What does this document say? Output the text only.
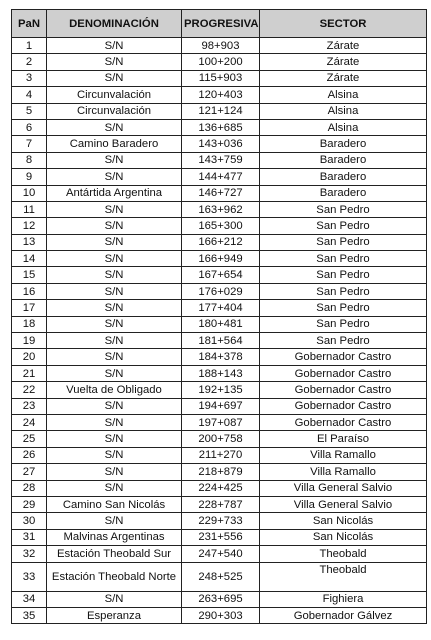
PaN	DENOMINACIÓN	PROGRESIVA	SECTOR
1	S/N	98+903	Zárate
2	S/N	100+200	Zárate
3	S/N	115+903	Zárate
4	Circunvalación	120+403	Alsina
5	Circunvalación	121+124	Alsina
6	S/N	136+685	Alsina
7	Camino Baradero	143+036	Baradero
8	S/N	143+759	Baradero
9	S/N	144+477	Baradero
10	Antártida Argentina	146+727	Baradero
11	S/N	163+962	San Pedro
12	S/N	165+300	San Pedro
13	S/N	166+212	San Pedro
14	S/N	166+949	San Pedro
15	S/N	167+654	San Pedro
16	S/N	176+029	San Pedro
17	S/N	177+404	San Pedro
18	S/N	180+481	San Pedro
19	S/N	181+564	San Pedro
20	S/N	184+378	Gobernador Castro
21	S/N	188+143	Gobernador Castro
22	Vuelta de Obligado	192+135	Gobernador Castro
23	S/N	194+697	Gobernador Castro
24	S/N	197+087	Gobernador Castro
25	S/N	200+758	El Paraíso
26	S/N	211+270	Villa Ramallo
27	S/N	218+879	Villa Ramallo
28	S/N	224+425	Villa General Salvio
29	Camino San Nicolás	228+787	Villa General Salvio
30	S/N	229+733	San Nicolás
31	Malvinas Argentinas	231+556	San Nicolás
32	Estación Theobald Sur	247+540	Theobald
33	Estación Theobald Norte	248+525	Theobald
34	S/N	263+695	Fighiera
35	Esperanza	290+303	Gobernador Gálvez
